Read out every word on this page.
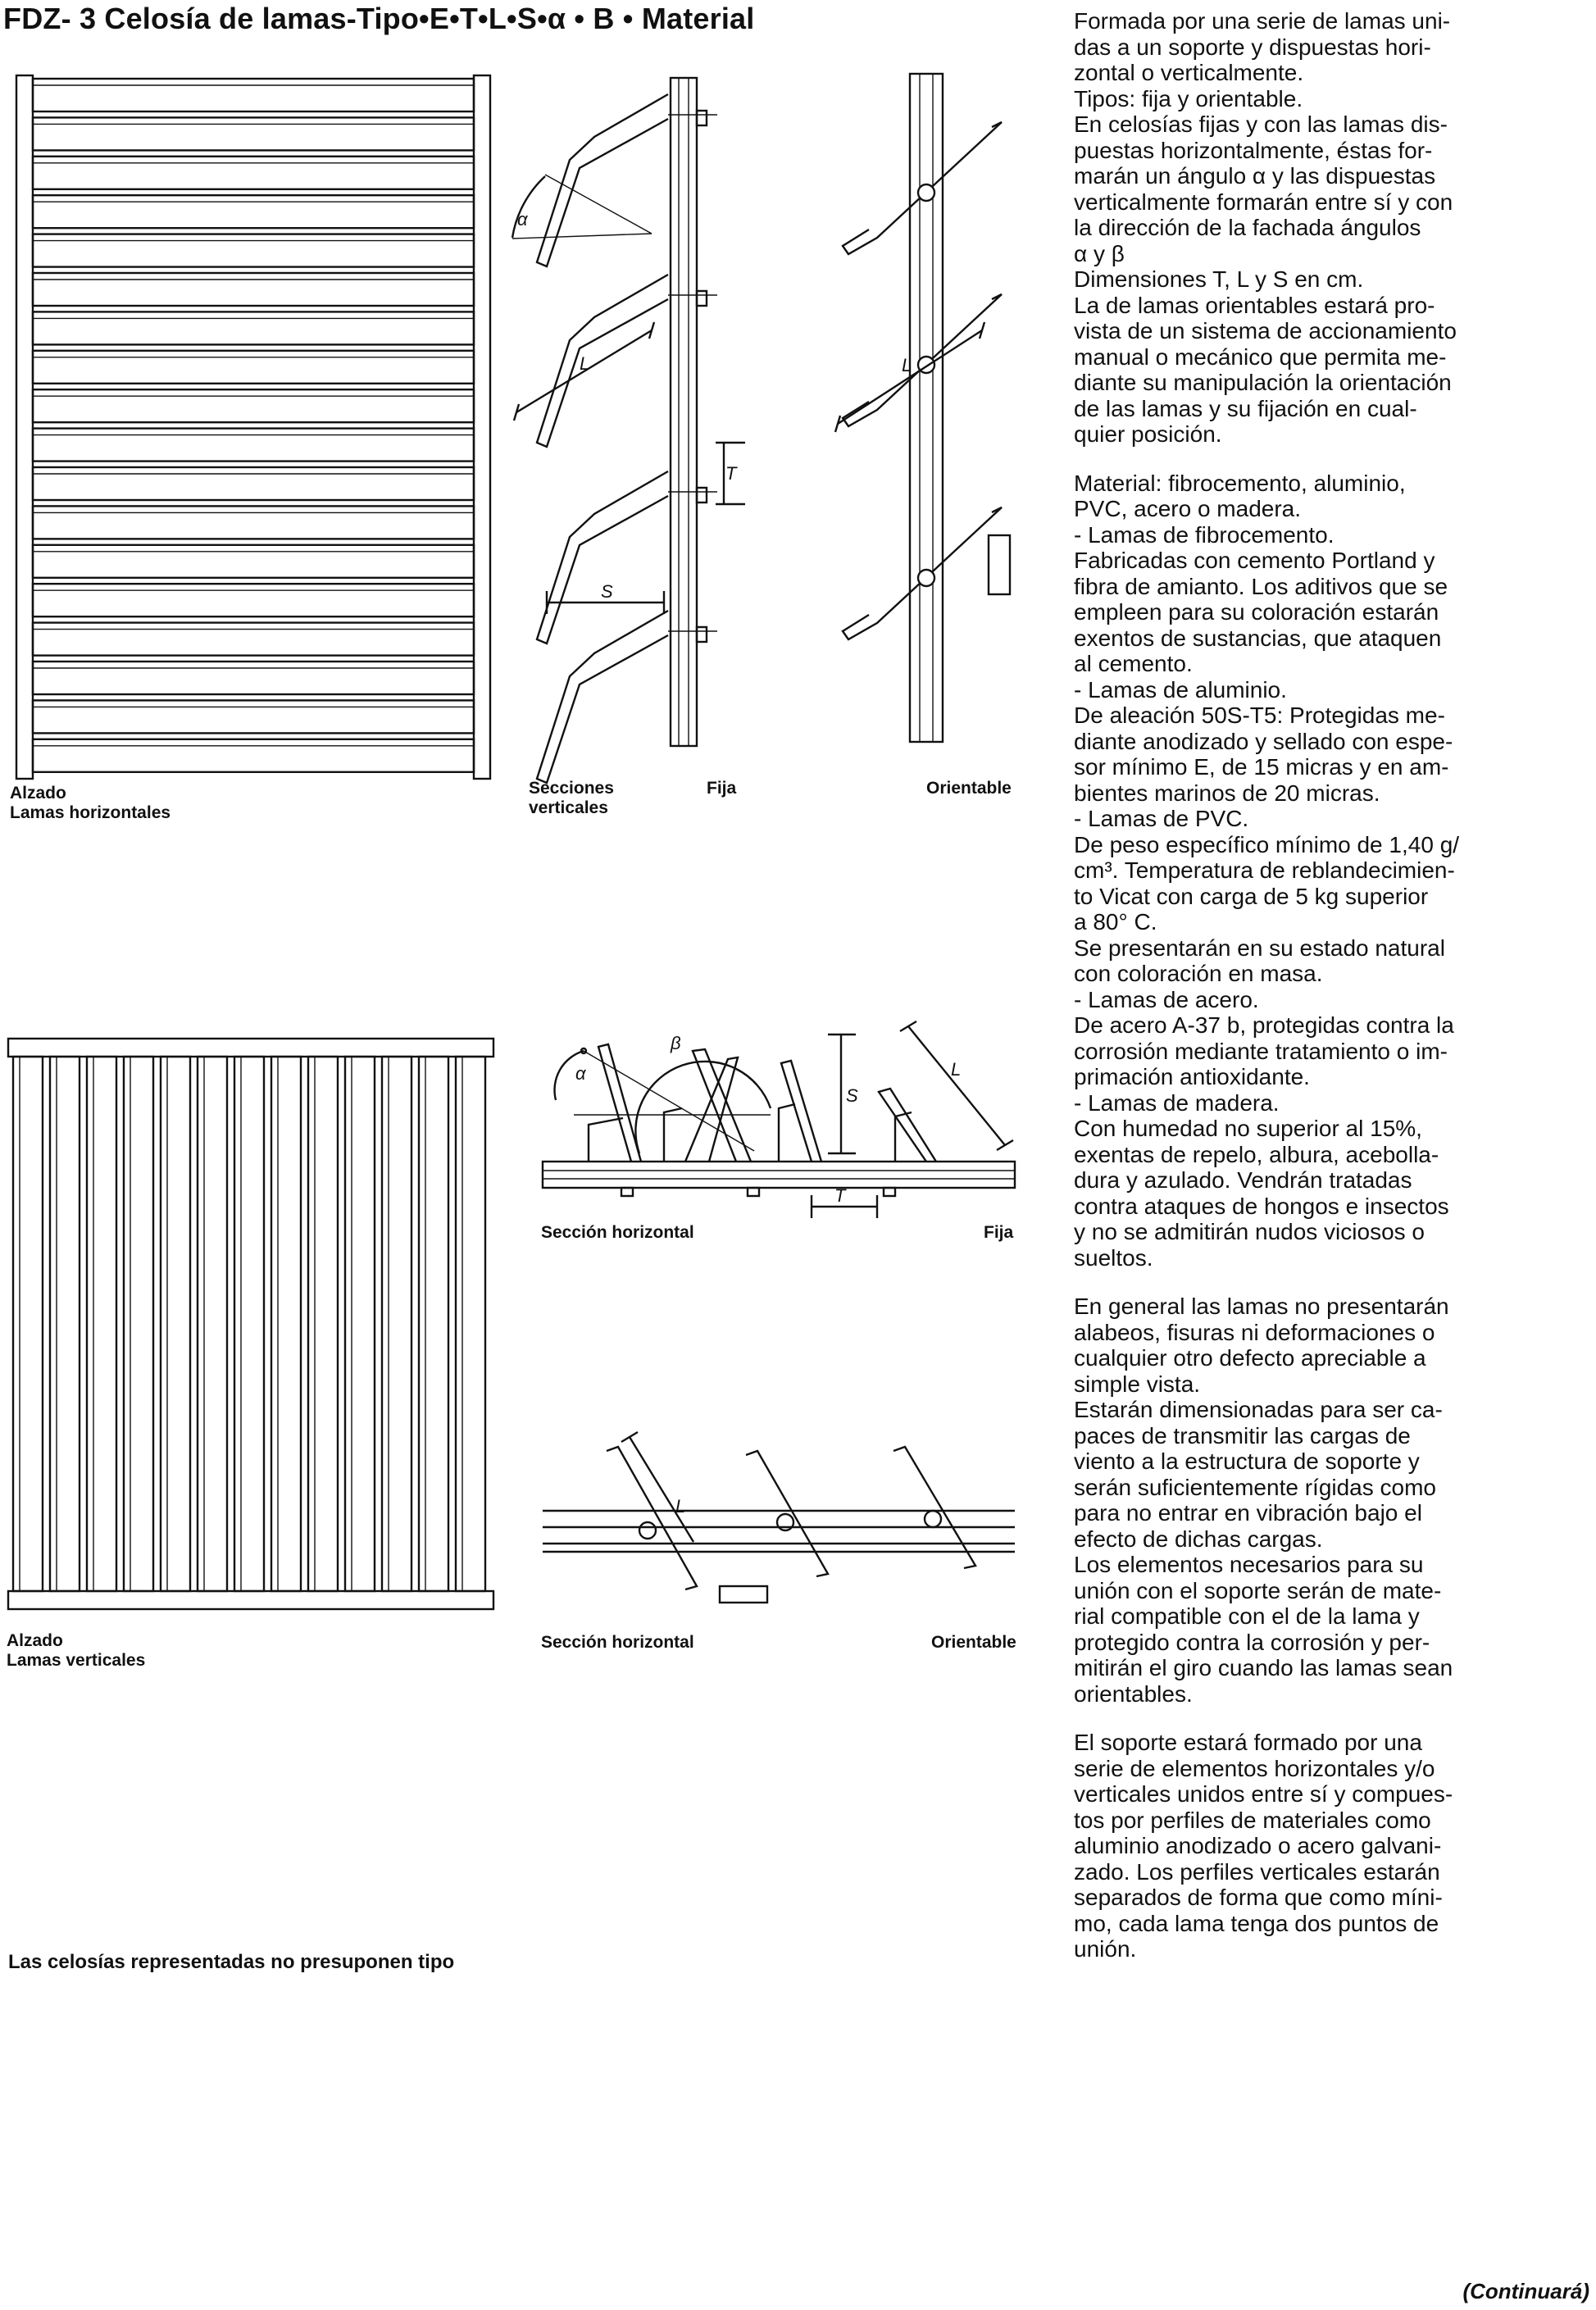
FDZ- 3 Celosía de lamas-Tipo•E•T•L•S•α • B • Material
Alzado
Lamas horizontales
α
L
T
S
L
Secciones
verticales

Fija	Orientable

Alzado
Lamas verticales
α
β
S
T
L

Sección horizontal	Fija

L

Sección horizontal	Orientable

Las celosías representadas no presuponen tipo

Formada por una serie de lamas uni-
das a un soporte y dispuestas hori-
zontal o verticalmente.
Tipos: fija y orientable.
En celosías fijas y con las lamas dis-
puestas horizontalmente, éstas for-
marán un ángulo α y las dispuestas
verticalmente formarán entre sí y con
la dirección de la fachada ángulos
α y β
Dimensiones T, L y S en cm.
La de lamas orientables estará pro-
vista de un sistema de accionamiento
manual o mecánico que permita me-
diante su manipulación la orientación
de las lamas y su fijación en cual-
quier posición.

Material: fibrocemento, aluminio,
PVC, acero o madera.
- Lamas de fibrocemento.
Fabricadas con cemento Portland y
fibra de amianto. Los aditivos que se
empleen para su coloración estarán
exentos de sustancias, que ataquen
al cemento.
- Lamas de aluminio.
De aleación 50S-T5: Protegidas me-
diante anodizado y sellado con espe-
sor mínimo E, de 15 micras y en am-
bientes marinos de 20 micras.
- Lamas de PVC.
De peso específico mínimo de 1,40 g/
cm³. Temperatura de reblandecimien-
to Vicat con carga de 5 kg superior
a 80° C.
Se presentarán en su estado natural
con coloración en masa.
- Lamas de acero.
De acero A-37 b, protegidas contra la
corrosión mediante tratamiento o im-
primación antioxidante.
- Lamas de madera.
Con humedad no superior al 15%,
exentas de repelo, albura, acebolla-
dura y azulado. Vendrán tratadas
contra ataques de hongos e insectos
y no se admitirán nudos viciosos o
sueltos.

En general las lamas no presentarán
alabeos, fisuras ni deformaciones o
cualquier otro defecto apreciable a
simple vista.
Estarán dimensionadas para ser ca-
paces de transmitir las cargas de
viento a la estructura de soporte y
serán suficientemente rígidas como
para no entrar en vibración bajo el
efecto de dichas cargas.
Los elementos necesarios para su
unión con el soporte serán de mate-
rial compatible con el de la lama y
protegido contra la corrosión y per-
mitirán el giro cuando las lamas sean
orientables.

El soporte estará formado por una
serie de elementos horizontales y/o
verticales unidos entre sí y compues-
tos por perfiles de materiales como
aluminio anodizado o acero galvani-
zado. Los perfiles verticales estarán
separados de forma que como míni-
mo, cada lama tenga dos puntos de
unión.

(Continuará)
